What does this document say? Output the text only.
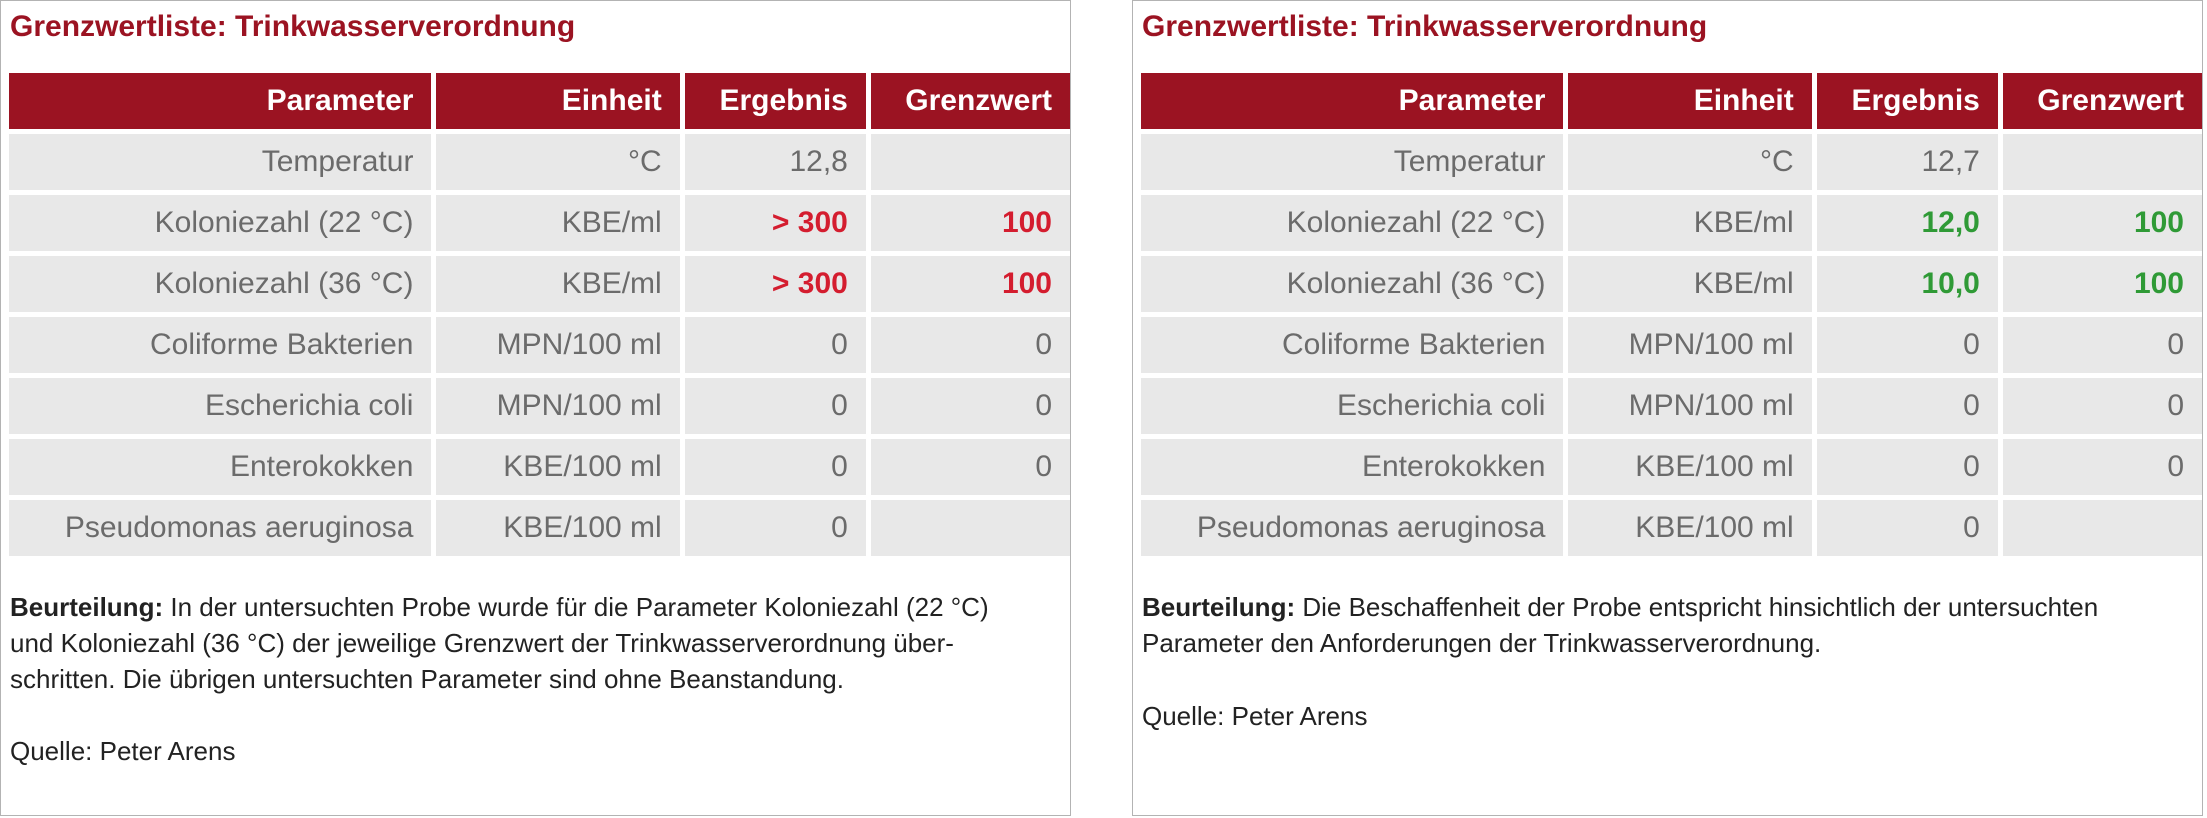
Grenzwertliste: Trinkwasserverordnung
Parameter	Einheit	Ergebnis	Grenzwert
Temperatur	°C	12,8	
Koloniezahl (22 °C)	KBE/ml	> 300	100
Koloniezahl (36 °C)	KBE/ml	> 300	100
Coliforme Bakterien	MPN/100 ml	0	0
Escherichia coli	MPN/100 ml	0	0
Enterokokken	KBE/100 ml	0	0
Pseudomonas aeruginosa	KBE/100 ml	0	

Beurteilung: In der untersuchten Probe wurde für die Parameter Koloniezahl (22 °C)
und Koloniezahl (36 °C) der jeweilige Grenzwert der Trinkwasserverordnung über-
schritten. Die übrigen untersuchten Parameter sind ohne Beanstandung.

Quelle: Peter Arens

Grenzwertliste: Trinkwasserverordnung
Parameter	Einheit	Ergebnis	Grenzwert
Temperatur	°C	12,7	
Koloniezahl (22 °C)	KBE/ml	12,0	100
Koloniezahl (36 °C)	KBE/ml	10,0	100
Coliforme Bakterien	MPN/100 ml	0	0
Escherichia coli	MPN/100 ml	0	0
Enterokokken	KBE/100 ml	0	0
Pseudomonas aeruginosa	KBE/100 ml	0	

Beurteilung: Die Beschaffenheit der Probe entspricht hinsichtlich der untersuchten
Parameter den Anforderungen der Trinkwasserverordnung.

Quelle: Peter Arens
